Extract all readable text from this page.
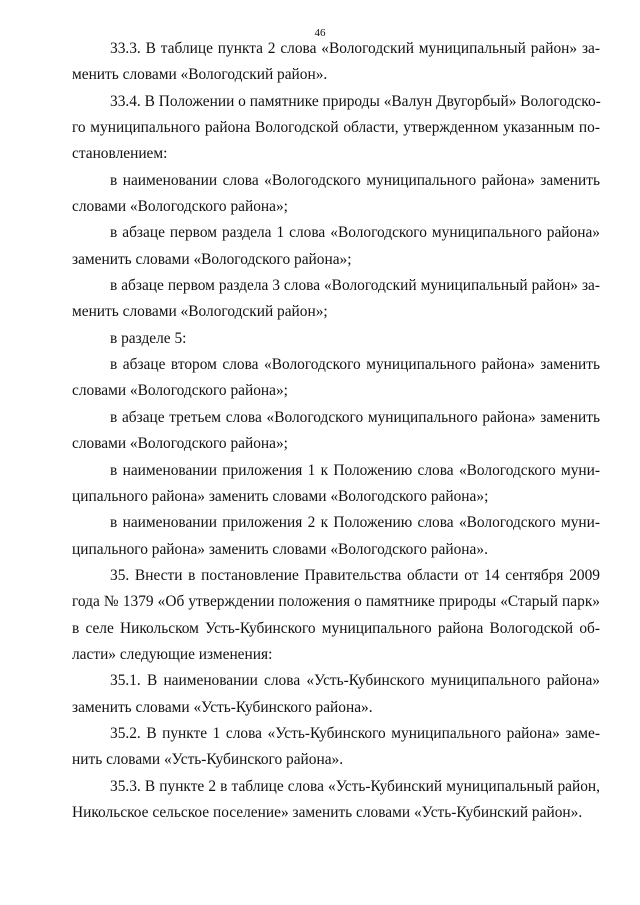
46
33.3. В таблице пункта 2 слова «Вологодский муниципальный район» за-
менить словами «Вологодский район».
33.4. В Положении о памятнике природы «Валун Двугорбый» Вологодско-
го муниципального района Вологодской области, утвержденном указанным по-
становлением:
в наименовании слова «Вологодского муниципального района» заменить
словами «Вологодского района»;
в абзаце первом раздела 1 слова «Вологодского муниципального района»
заменить словами «Вологодского района»;
в абзаце первом раздела 3 слова «Вологодский муниципальный район» за-
менить словами «Вологодский район»;
в разделе 5:
в абзаце втором слова «Вологодского муниципального района» заменить
словами «Вологодского района»;
в абзаце третьем слова «Вологодского муниципального района» заменить
словами «Вологодского района»;
в наименовании приложения 1 к Положению слова «Вологодского муни-
ципального района» заменить словами «Вологодского района»;
в наименовании приложения 2 к Положению слова «Вологодского муни-
ципального района» заменить словами «Вологодского района».
35. Внести в постановление Правительства области от 14 сентября 2009
года № 1379 «Об утверждении положения о памятнике природы «Старый парк»
в селе Никольском Усть-Кубинского муниципального района Вологодской об-
ласти» следующие изменения:
35.1. В наименовании слова «Усть-Кубинского муниципального района»
заменить словами «Усть-Кубинского района».
35.2. В пункте 1 слова «Усть-Кубинского муниципального района» заме-
нить словами «Усть-Кубинского района».
35.3. В пункте 2 в таблице слова «Усть-Кубинский муниципальный район,
Никольское сельское поселение» заменить словами «Усть-Кубинский район».
